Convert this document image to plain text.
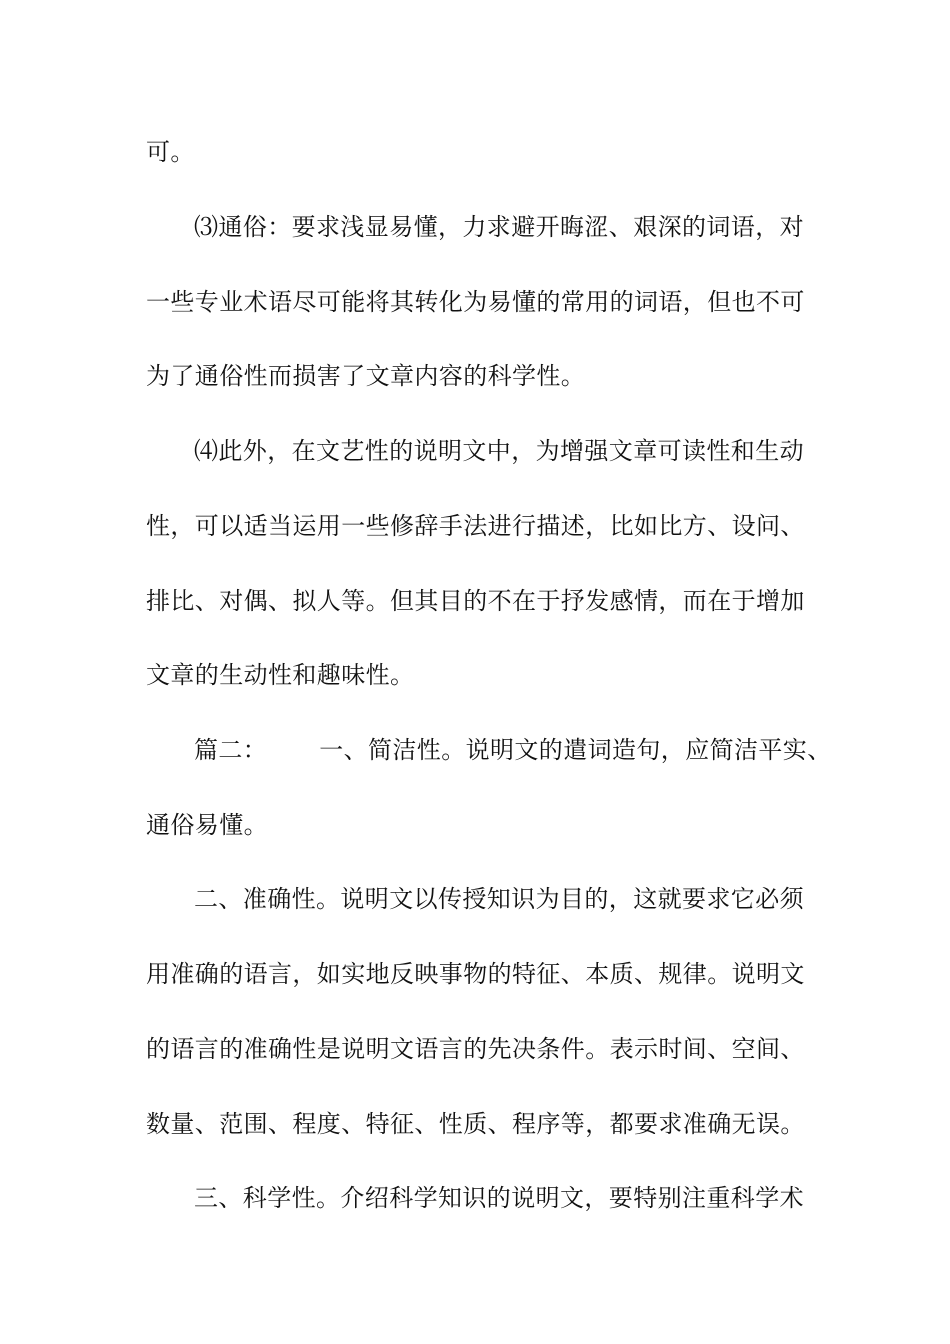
可。
⑶通俗：要求浅显易懂，力求避开晦涩、艰深的词语，对
一些专业术语尽可能将其转化为易懂的常用的词语，但也不可
为了通俗性而损害了文章内容的科学性。
⑷此外，在文艺性的说明文中，为增强文章可读性和生动
性，可以适当运用一些修辞手法进行描述，比如比方、设问、
排比、对偶、拟人等。但其目的不在于抒发感情，而在于增加
文章的生动性和趣味性。
篇二： 一、简洁性。说明文的遣词造句，应简洁平实、
通俗易懂。
二、准确性。说明文以传授知识为目的，这就要求它必须
用准确的语言，如实地反映事物的特征、本质、规律。说明文
的语言的准确性是说明文语言的先决条件。表示时间、空间、
数量、范围、程度、特征、性质、程序等，都要求准确无误。
三、科学性。介绍科学知识的说明文，要特别注重科学术
